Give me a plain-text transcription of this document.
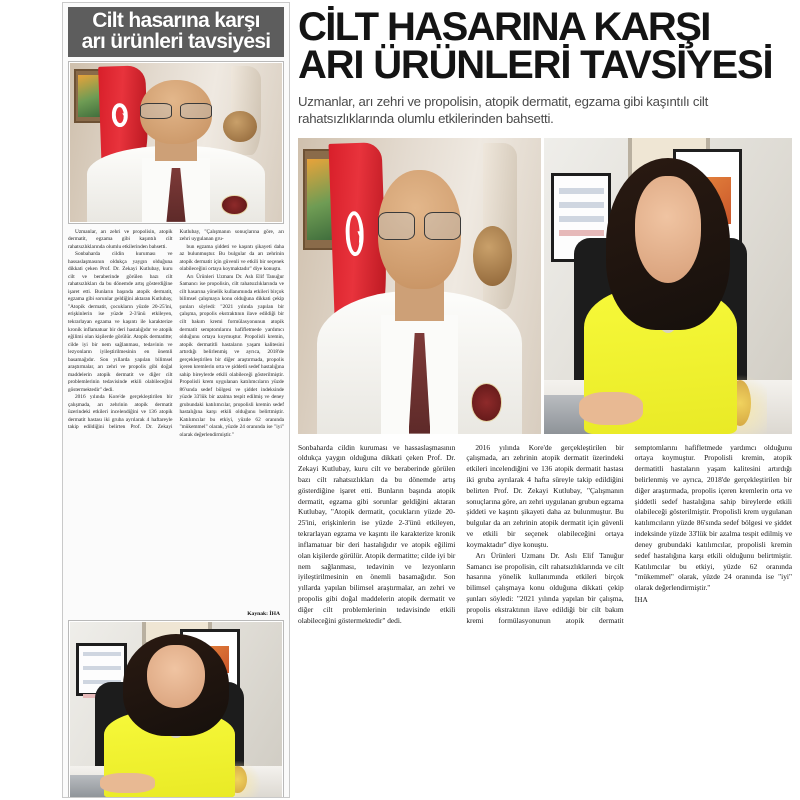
Cilt hasarına karşı
arı ürünleri tavsiyesi

Uzmanlar, arı zehri ve propolisin, atopik dermatit, egzama gibi kaşıntılı cilt rahatsızlıklarında olumlu etkilerinden bahsetti.

Sonbaharda cildin kuruması ve hassaslaşmasının oldukça yaygın olduğuna dikkati çeken Prof. Dr. Zekayi Kutlubay, kuru cilt ve beraberinde görülen bazı cilt rahatsızlıkları da bu dönemde artış gösterdiğine işaret etti. Bunların başında atopik dermatit, egzama gibi sorunlar geldiğini aktaran Kutlubay, "Atopik dermatit, çocukların yüzde 20-25'ini, erişkinlerin ise yüzde 2-3'ünü etkileyen, tekrarlayan egzama ve kaşıntı ile karakterize kronik inflamatuar bir deri hastalığıdır ve atopik eğilimi olan kişilerde görülür. Atopik dermatitte; cilde iyi bir nem sağlanması, tedavinin ve lezyonların iyileştirilmesinin en önemli basamağıdır. Son yıllarda yapılan bilimsel araştırmalar, arı zehri ve propolis gibi doğal maddelerin atopik dermatit ve diğer cilt problemlerinin tedavisinde etkili olabileceğini göstermektedir" dedi.

2016 yılında Kore'de gerçekleştirilen bir çalışmada, arı zehrinin atopik dermatit üzerindeki etkileri incelendiğini ve 136 atopik dermatit hastası iki gruba ayrılarak 4 haftareyle takip edildiğini belirten Prof. Dr. Zekayi Kutlubay, "Çalışmanın sonuçlarına göre, arı zehri uygulanan gru-

bun egzama şiddeti ve kaşıntı şikayeti daha az bulunmuştur. Bu bulgular da arı zehrinin atopik dermatit için güvenli ve etkili bir seçenek olabileceğini ortaya koymaktadır" diye konuştu.

Arı Ürünleri Uzmanı Dr. Aslı Elif Tanuğur Samancı ise propolisin, cilt rahatsızlıklarında ve cilt hasarına yönelik kullanımında etkileri birçok bilimsel çalışmaya konu olduğuna dikkati çekip şunları söyledi: "2021 yılında yapılan bir çalışma, propolis ekstraktının ilave edildiği bir cilt bakım kremi formülasyonunun atopik dermatit semptomlarını hafifletmede yardımcı olduğunu ortaya koymuştur. Propolisli kremin, atopik dermatitli hastaların yaşam kalitesini artırdığı belirlenmiş ve ayrıca, 2018'de gerçekleştirilen bir diğer araştırmada, propolis içeren kremlerin orta ve şiddetli sedef hastalığına sahip bireylerde etkili olabileceği gösterilmiştir. Propolisli krem uygulanan katılımcıların yüzde 86'sında sedef bölgesi ve şiddet indeksinde yüzde 33'lük bir azalma tespit edilmiş ve deney grubundaki katılımcılar, propolisli kremin sedef hastalığına karşı etkili olduğunu belirtmiştir. Katılımcılar bu etkiyi, yüzde 62 oranında "mükemmel" olarak, yüzde 24 oranında ise "iyi" olarak değerlendirmiştir."

Kaynak: İHA
CİLT HASARINA KARŞI
ARI ÜRÜNLERİ TAVSİYESİ
Uzmanlar, arı zehri ve propolisin, atopik dermatit, egzama gibi kaşıntılı cilt rahatsızlıklarında olumlu etkilerinden bahsetti.

Sonbaharda cildin kuruması ve hassaslaşmasının oldukça yaygın olduğuna dikkati çeken Prof. Dr. Zekayi Kutlubay, kuru cilt ve beraberinde görülen bazı cilt rahatsızlıkları da bu dönemde artış gösterdiğine işaret etti. Bunların başında atopik dermatit, egzama gibi sorunlar geldiğini aktaran Kutlubay, "Atopik dermatit, çocukların yüzde 20-25'ini, erişkinlerin ise yüzde 2-3'ünü etkileyen, tekrarlayan egzama ve kaşıntı ile karakterize kronik inflamatuar bir deri hastalığıdır ve atopik eğilimi olan kişilerde görülür. Atopik dermatitte; cilde iyi bir nem sağlanması, tedavinin ve lezyonların iyileştirilmesinin en önemli basamağıdır. Son yıllarda yapılan bilimsel araştırmalar, arı zehri ve propolis gibi doğal maddelerin atopik dermatit ve diğer cilt problemlerinin tedavisinde etkili olabileceğini göstermektedir" dedi.

2016 yılında Kore'de gerçekleştirilen bir çalışmada, arı zehrinin atopik dermatit üzerindeki etkileri incelendiğini ve 136 atopik dermatit hastası iki gruba ayrılarak 4 hafta süreyle takip edildiğini belirten Prof. Dr. Zekayi Kutlubay, "Çalışmanın sonuçlarına göre, arı zehri uygulanan grubun egzama şiddeti ve kaşıntı şikayeti daha az bulunmuştur. Bu bulgular da arı zehrinin atopik dermatit için güvenli ve etkili bir seçenek olabileceğini ortaya koymaktadır" diye konuştu.

Arı Ürünleri Uzmanı Dr. Aslı Elif Tanuğur Samancı ise propolisin, cilt rahatsızlıklarında ve cilt hasarına yönelik kullanımında etkileri birçok bilimsel çalışmaya konu olduğuna dikkati çekip şunları söyledi: "2021 yılında yapılan bir çalışma, propolis ekstraktının ilave edildiği bir cilt bakım kremi formülasyonunun atopik dermatit semptomlarını hafifletmede yardımcı olduğunu ortaya koymuştur. Propolisli kremin, atopik dermatitli hastaların yaşam kalitesini artırdığı belirlenmiş ve ayrıca, 2018'de gerçekleştirilen bir diğer araştırmada, propolis içeren kremlerin orta ve şiddetli sedef hastalığına sahip bireylerde etkili olabileceği gösterilmiştir. Propolisli krem uygulanan katılımcıların yüzde 86'sında sedef bölgesi ve şiddet indeksinde yüzde 33'lük bir azalma tespit edilmiş ve deney grubundaki katılımcılar, propolisli kremin sedef hastalığına karşı etkili olduğunu belirtmiştir. Katılımcılar bu etkiyi, yüzde 62 oranında "mükemmel" olarak, yüzde 24 oranında ise "iyi" olarak değerlendirmiştir."

İHA
